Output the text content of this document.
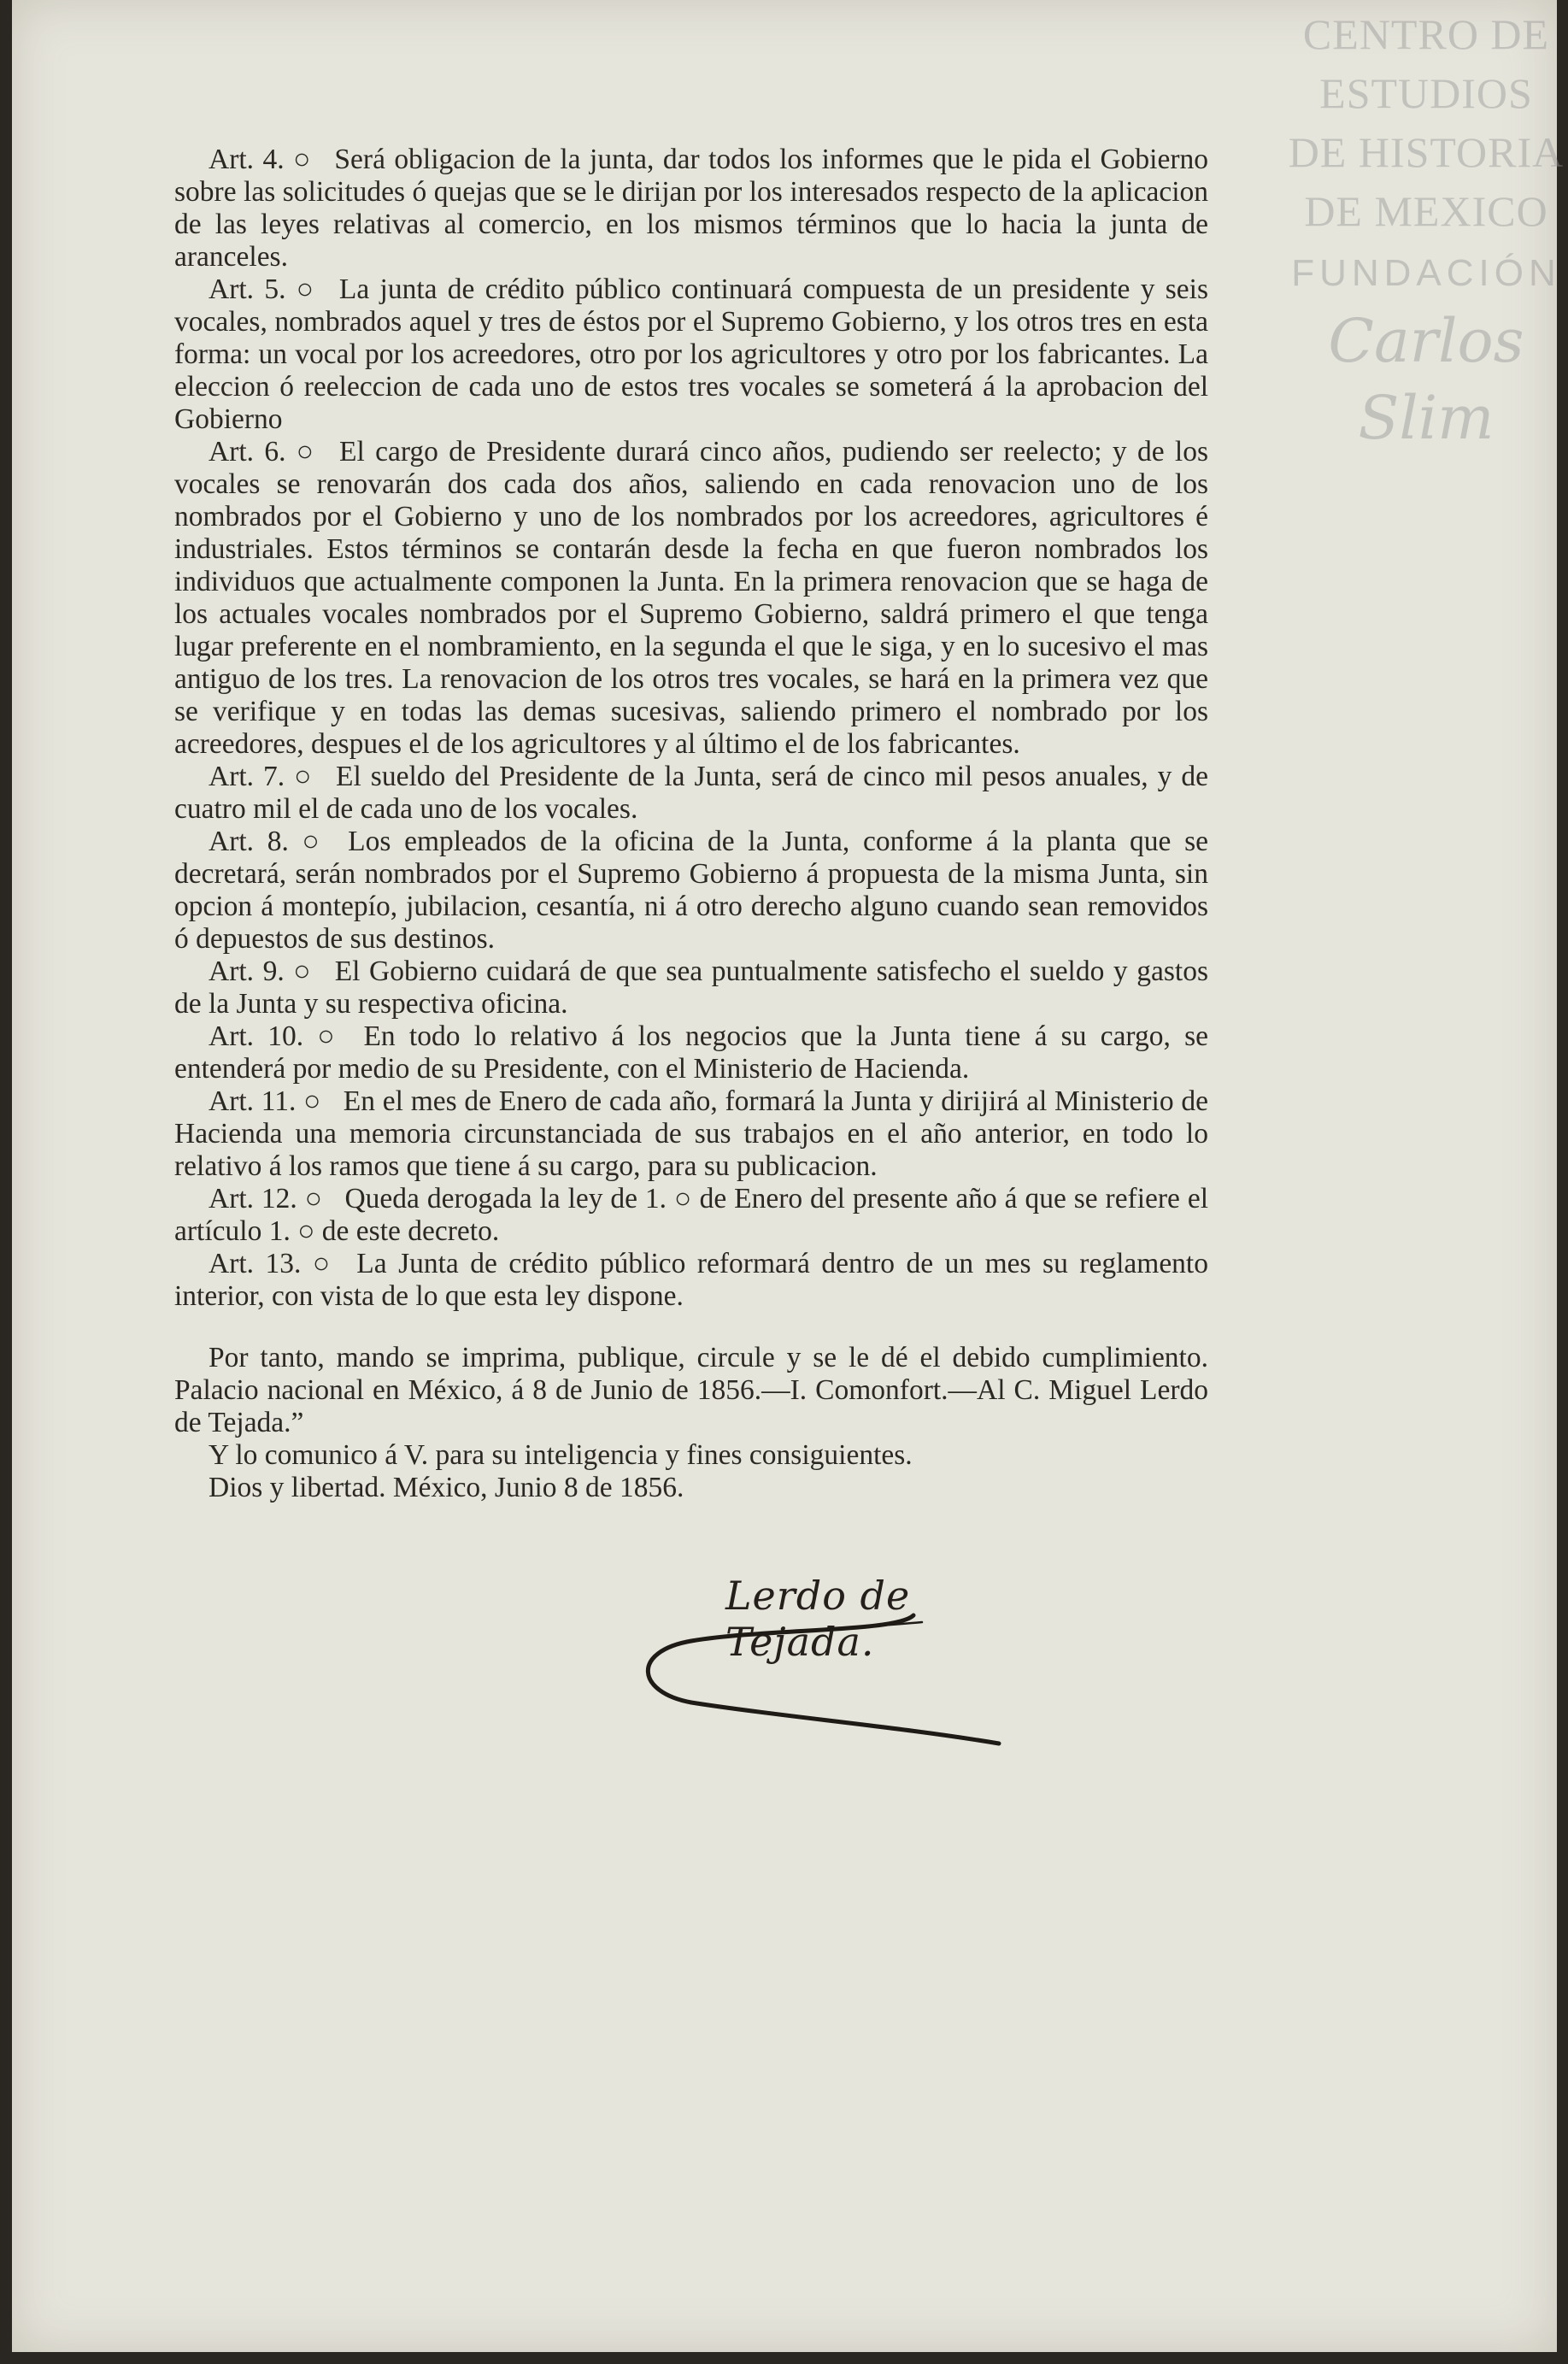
CENTRO DE
ESTUDIOS
DE HISTORIA
DE MEXICO
FUNDACIÓN
Carlos Slim

Art. 4. ○ Será obligacion de la junta, dar todos los informes que le pida el Gobierno sobre las solicitudes ó quejas que se le dirijan por los interesados respecto de la aplicacion de las leyes relativas al comercio, en los mismos términos que lo hacia la junta de aranceles.

Art. 5. ○ La junta de crédito público continuará compuesta de un presidente y seis vocales, nombrados aquel y tres de éstos por el Supremo Gobierno, y los otros tres en esta forma: un vocal por los acreedores, otro por los agricultores y otro por los fabricantes. La eleccion ó reeleccion de cada uno de estos tres vocales se someterá á la aprobacion del Gobierno

Art. 6. ○ El cargo de Presidente durará cinco años, pudiendo ser reelecto; y de los vocales se renovarán dos cada dos años, saliendo en cada renovacion uno de los nombrados por el Gobierno y uno de los nombrados por los acreedores, agricultores é industriales. Estos términos se contarán desde la fecha en que fueron nombrados los individuos que actualmente componen la Junta. En la primera renovacion que se haga de los actuales vocales nombrados por el Supremo Gobierno, saldrá primero el que tenga lugar preferente en el nombramiento, en la segunda el que le siga, y en lo sucesivo el mas antiguo de los tres. La renovacion de los otros tres vocales, se hará en la primera vez que se verifique y en todas las demas sucesivas, saliendo primero el nombrado por los acreedores, despues el de los agricultores y al último el de los fabricantes.

Art. 7. ○ El sueldo del Presidente de la Junta, será de cinco mil pesos anuales, y de cuatro mil el de cada uno de los vocales.

Art. 8. ○ Los empleados de la oficina de la Junta, conforme á la planta que se decretará, serán nombrados por el Supremo Gobierno á propuesta de la misma Junta, sin opcion á montepío, jubilacion, cesantía, ni á otro derecho alguno cuando sean removidos ó depuestos de sus destinos.

Art. 9. ○ El Gobierno cuidará de que sea puntualmente satisfecho el sueldo y gastos de la Junta y su respectiva oficina.

Art. 10. ○ En todo lo relativo á los negocios que la Junta tiene á su cargo, se entenderá por medio de su Presidente, con el Ministerio de Hacienda.

Art. 11. ○ En el mes de Enero de cada año, formará la Junta y dirijirá al Ministerio de Hacienda una memoria circunstanciada de sus trabajos en el año anterior, en todo lo relativo á los ramos que tiene á su cargo, para su publicacion.

Art. 12. ○ Queda derogada la ley de 1. ○ de Enero del presente año á que se refiere el artículo 1. ○ de este decreto.

Art. 13. ○ La Junta de crédito público reformará dentro de un mes su reglamento interior, con vista de lo que esta ley dispone.

Por tanto, mando se imprima, publique, circule y se le dé el debido cumplimiento. Palacio nacional en México, á 8 de Junio de 1856.—I. Comonfort.—Al C. Miguel Lerdo de Tejada.”

Y lo comunico á V. para su inteligencia y fines consiguientes.

Dios y libertad. México, Junio 8 de 1856.

Lerdo de Tejada.
